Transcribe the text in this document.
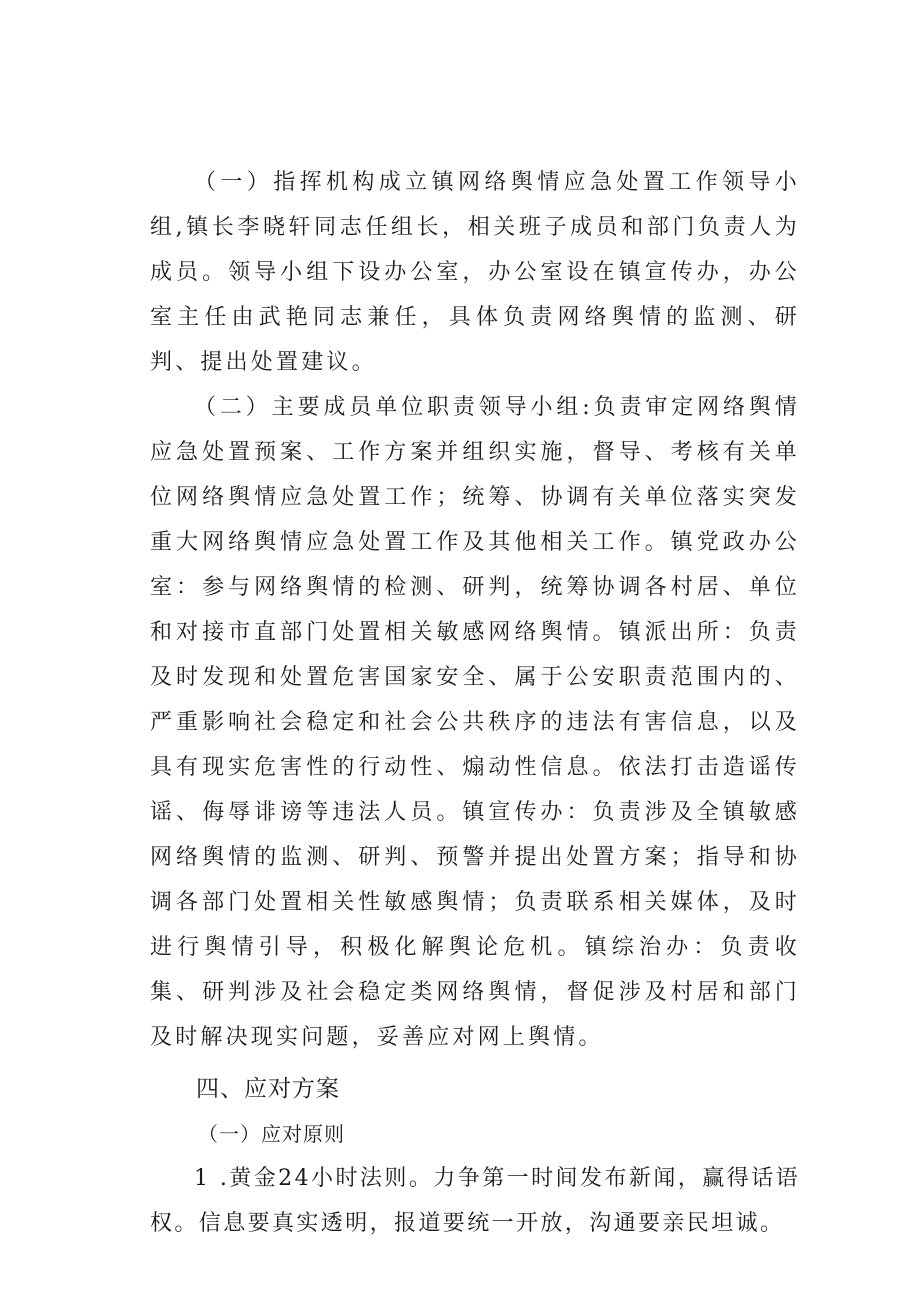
（一）指挥机构成立镇网络舆情应急处置工作领导小组,镇长李晓轩同志任组长，相关班子成员和部门负责人为成员。领导小组下设办公室，办公室设在镇宣传办，办公室主任由武艳同志兼任，具体负责网络舆情的监测、研判、提出处置建议。

（二）主要成员单位职责领导小组:负责审定网络舆情应急处置预案、工作方案并组织实施，督导、考核有关单位网络舆情应急处置工作；统筹、协调有关单位落实突发重大网络舆情应急处置工作及其他相关工作。镇党政办公室：参与网络舆情的检测、研判，统筹协调各村居、单位和对接市直部门处置相关敏感网络舆情。镇派出所：负责及时发现和处置危害国家安全、属于公安职责范围内的、严重影响社会稳定和社会公共秩序的违法有害信息，以及具有现实危害性的行动性、煽动性信息。依法打击造谣传谣、侮辱诽谤等违法人员。镇宣传办：负责涉及全镇敏感网络舆情的监测、研判、预警并提出处置方案；指导和协调各部门处置相关性敏感舆情；负责联系相关媒体，及时进行舆情引导，积极化解舆论危机。镇综治办：负责收集、研判涉及社会稳定类网络舆情，督促涉及村居和部门及时解决现实问题，妥善应对网上舆情。

四、应对方案

（一）应对原则

1 .黄金24小时法则。力争第一时间发布新闻，赢得话语权。信息要真实透明，报道要统一开放，沟通要亲民坦诚。
